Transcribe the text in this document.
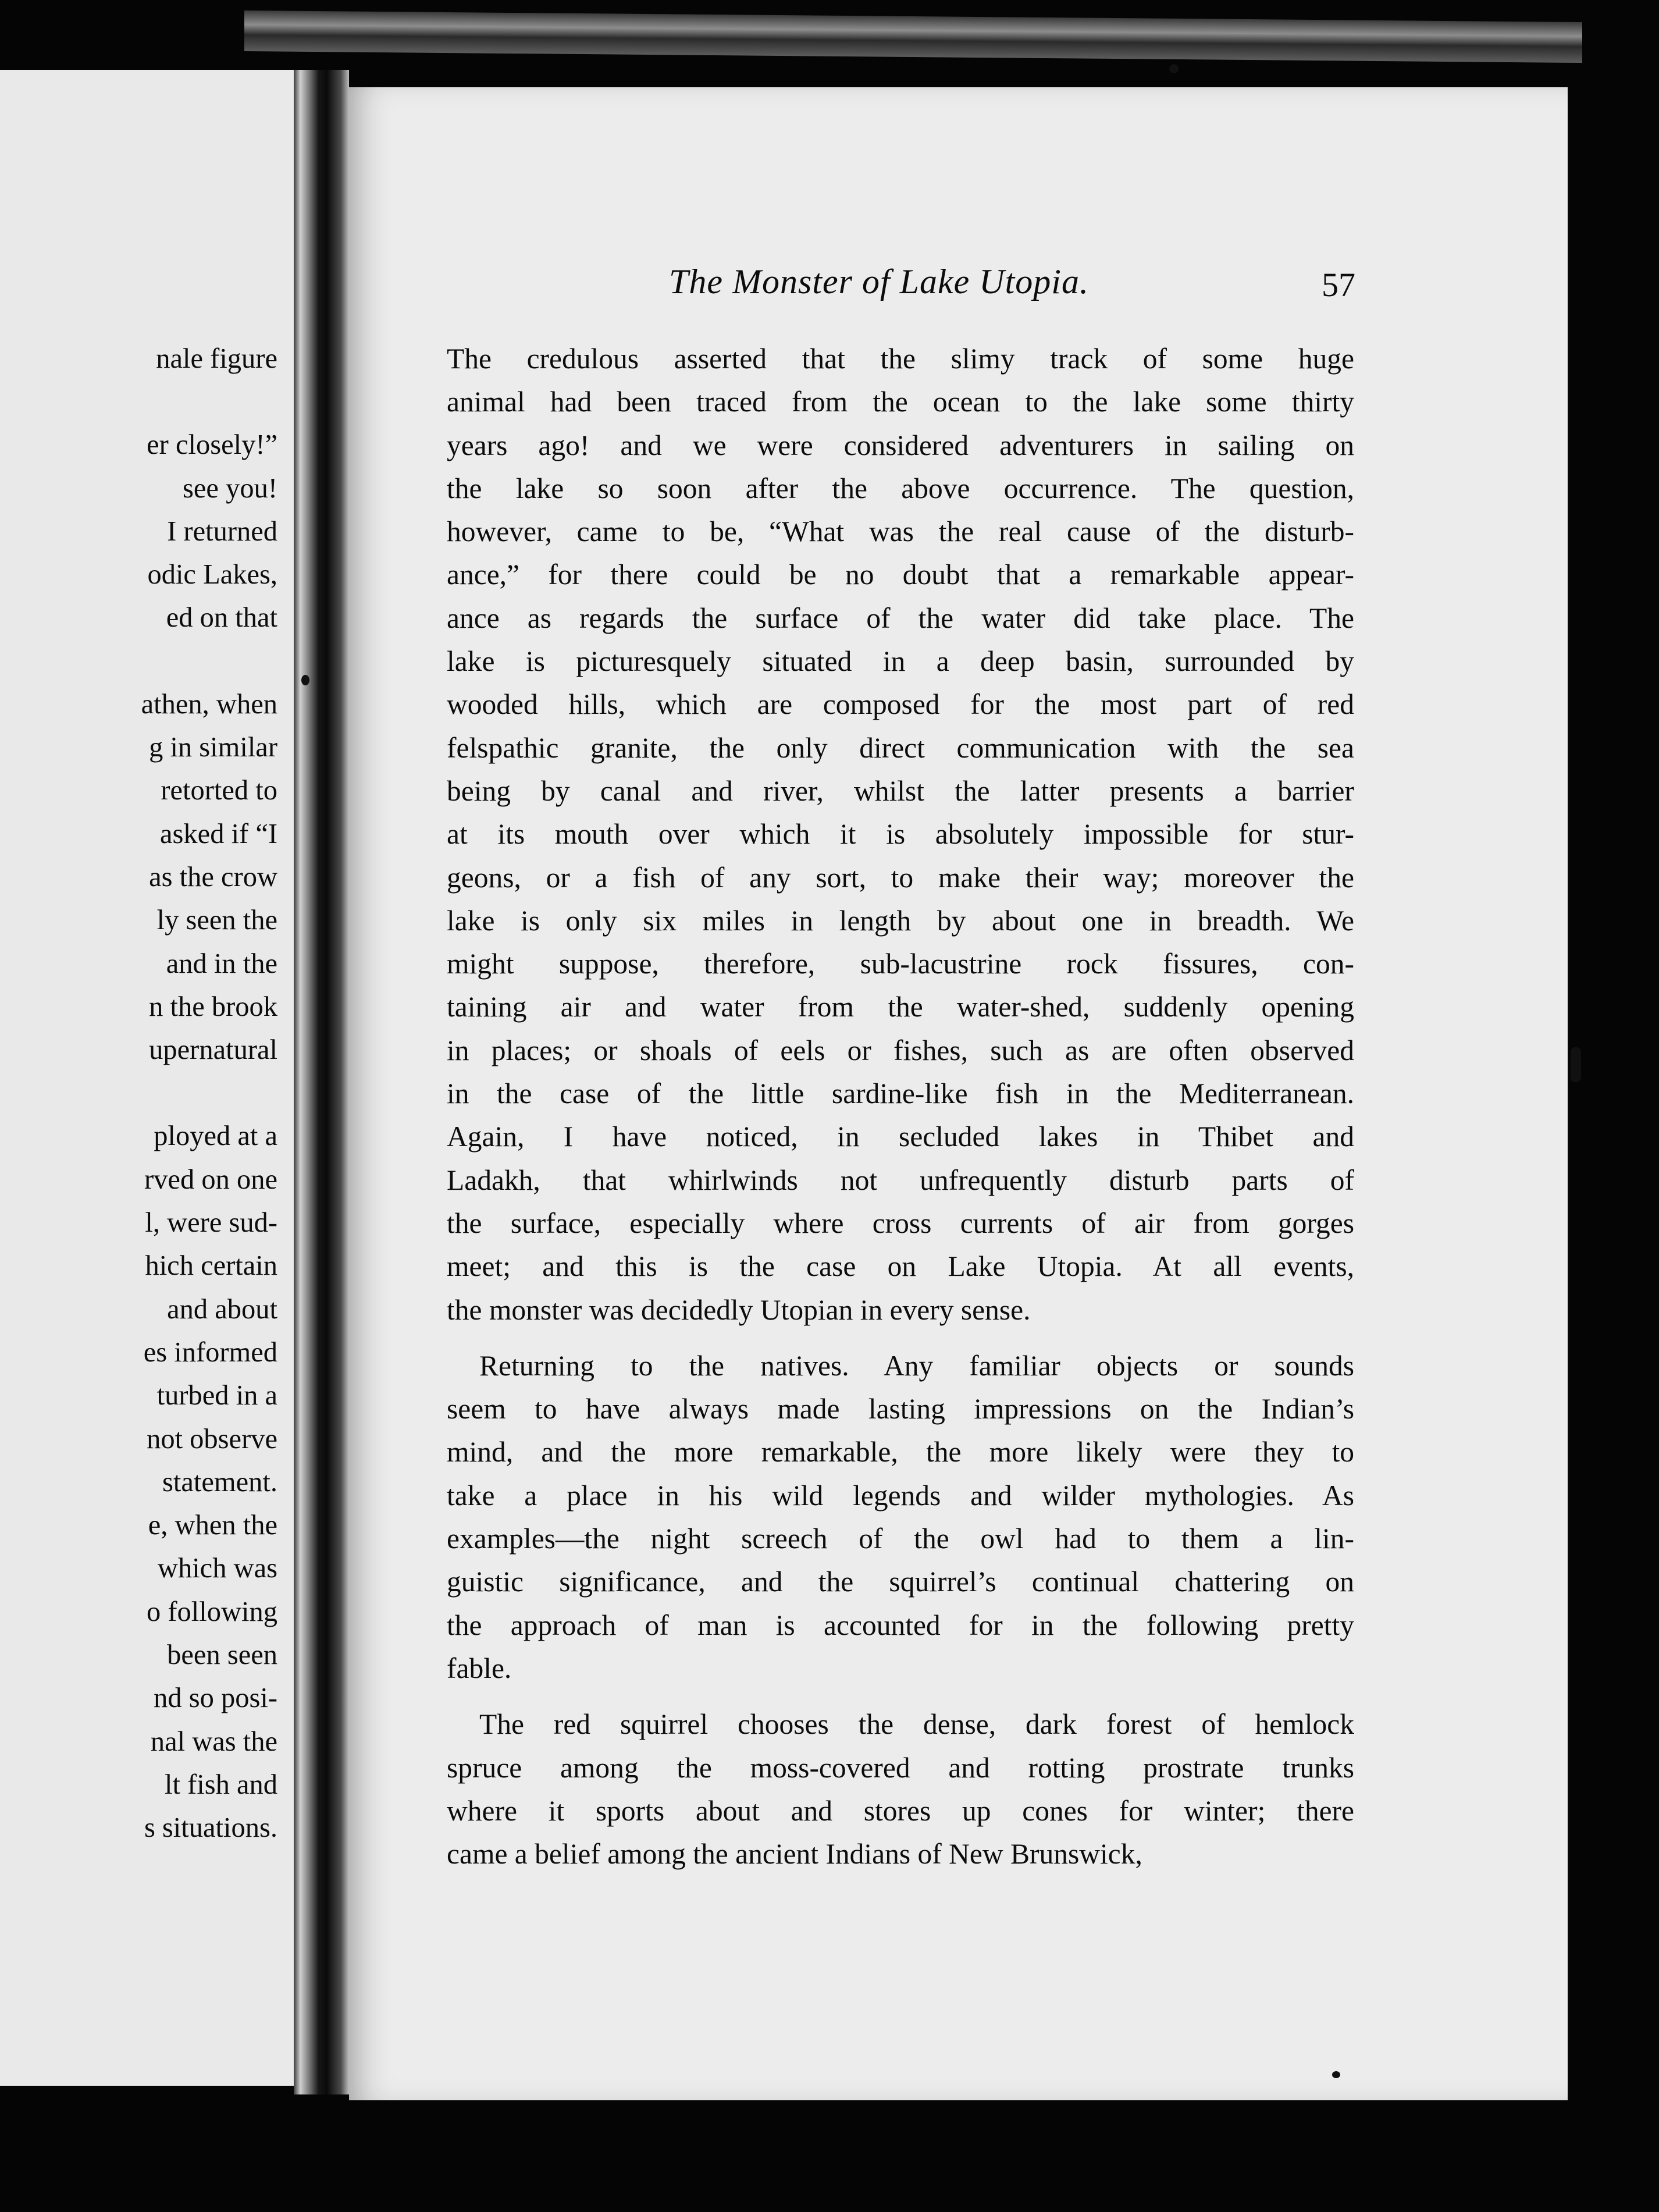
nale figure
er closely!”
see you!
I returned
odic Lakes,
ed on that
athen, when
g in similar
retorted to
asked if “I
as the crow
ly seen the
and in the
n the brook
upernatural
ployed at a
rved on one
l, were sud-
hich certain
and about
es informed
turbed in a
not observe
statement.
e, when the
which was
o following
been seen
nd so posi-
nal was the
lt fish and
s situations.
The Monster of Lake Utopia.	57
The credulous asserted that the slimy track of some huge
animal had been traced from the ocean to the lake some thirty
years ago! and we were considered adventurers in sailing on
the lake so soon after the above occurrence. The question,
however, came to be, “What was the real cause of the disturb-
ance,” for there could be no doubt that a remarkable appear-
ance as regards the surface of the water did take place. The
lake is picturesquely situated in a deep basin, surrounded by
wooded hills, which are composed for the most part of red
felspathic granite, the only direct communication with the sea
being by canal and river, whilst the latter presents a barrier
at its mouth over which it is absolutely impossible for stur-
geons, or a fish of any sort, to make their way; moreover the
lake is only six miles in length by about one in breadth. We
might suppose, therefore, sub-lacustrine rock fissures, con-
taining air and water from the water-shed, suddenly opening
in places; or shoals of eels or fishes, such as are often observed
in the case of the little sardine-like fish in the Mediterranean.
Again, I have noticed, in secluded lakes in Thibet and
Ladakh, that whirlwinds not unfrequently disturb parts of
the surface, especially where cross currents of air from gorges
meet; and this is the case on Lake Utopia. At all events,
the monster was decidedly Utopian in every sense.
Returning to the natives. Any familiar objects or sounds
seem to have always made lasting impressions on the Indian’s
mind, and the more remarkable, the more likely were they to
take a place in his wild legends and wilder mythologies. As
examples—the night screech of the owl had to them a lin-
guistic significance, and the squirrel’s continual chattering on
the approach of man is accounted for in the following pretty
fable.
The red squirrel chooses the dense, dark forest of hemlock
spruce among the moss-covered and rotting prostrate trunks
where it sports about and stores up cones for winter; there
came a belief among the ancient Indians of New Brunswick,
